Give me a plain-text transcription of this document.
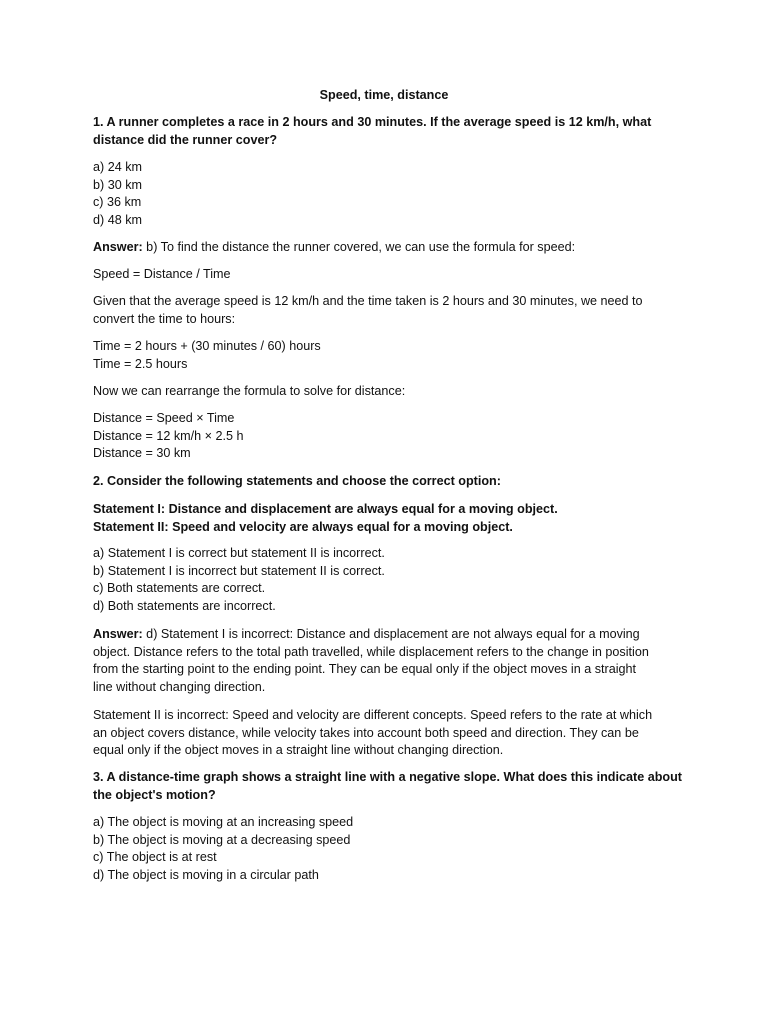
Speed, time, distance
1. A runner completes a race in 2 hours and 30 minutes. If the average speed is 12 km/h, what
distance did the runner cover?
a) 24 km
b) 30 km
c) 36 km
d) 48 km
Answer: b) To find the distance the runner covered, we can use the formula for speed:
Speed = Distance / Time
Given that the average speed is 12 km/h and the time taken is 2 hours and 30 minutes, we need to
convert the time to hours:
Time = 2 hours + (30 minutes / 60) hours
Time = 2.5 hours
Now we can rearrange the formula to solve for distance:
Distance = Speed × Time
Distance = 12 km/h × 2.5 h
Distance = 30 km
2. Consider the following statements and choose the correct option:
Statement I: Distance and displacement are always equal for a moving object.
Statement II: Speed and velocity are always equal for a moving object.
a) Statement I is correct but statement II is incorrect.
b) Statement I is incorrect but statement II is correct.
c) Both statements are correct.
d) Both statements are incorrect.
Answer: d) Statement I is incorrect: Distance and displacement are not always equal for a moving
object. Distance refers to the total path travelled, while displacement refers to the change in position
from the starting point to the ending point. They can be equal only if the object moves in a straight
line without changing direction.
Statement II is incorrect: Speed and velocity are different concepts. Speed refers to the rate at which
an object covers distance, while velocity takes into account both speed and direction. They can be
equal only if the object moves in a straight line without changing direction.
3. A distance-time graph shows a straight line with a negative slope. What does this indicate about
the object's motion?
a) The object is moving at an increasing speed
b) The object is moving at a decreasing speed
c) The object is at rest
d) The object is moving in a circular path
